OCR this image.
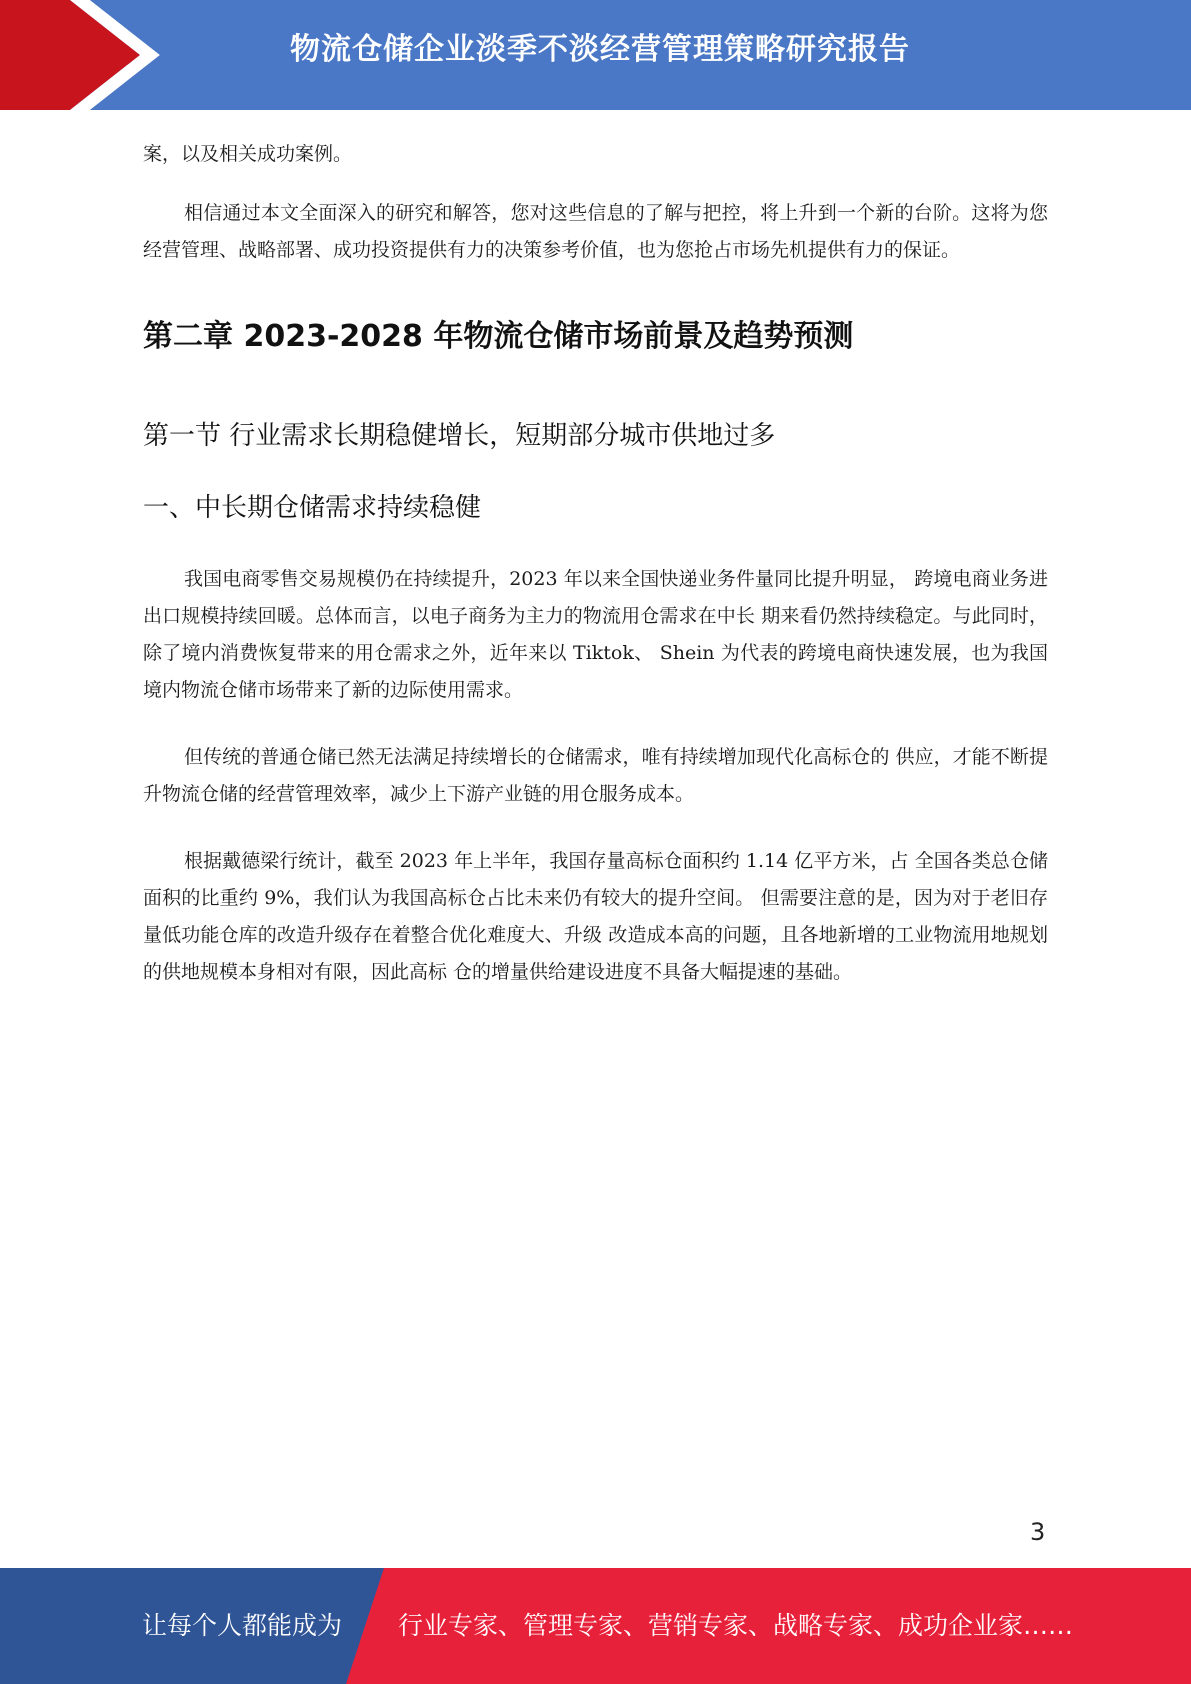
物流仓储企业淡季不淡经营管理策略研究报告

案，以及相关成功案例。

相信通过本文全面深入的研究和解答，您对这些信息的了解与把控，将上升到一个新的台阶。这将为您经营管理、战略部署、成功投资提供有力的决策参考价值，也为您抢占市场先机提供有力的保证。

第二章 2023-2028 年物流仓储市场前景及趋势预测
第一节 行业需求长期稳健增长，短期部分城市供地过多
一、中长期仓储需求持续稳健

我国电商零售交易规模仍在持续提升，2023 年以来全国快递业务件量同比提升明显， 跨境电商业务进出口规模持续回暖。总体而言，以电子商务为主力的物流用仓需求在中长 期来看仍然持续稳定。与此同时，除了境内消费恢复带来的用仓需求之外，近年来以 Tiktok、 Shein 为代表的跨境电商快速发展，也为我国境内物流仓储市场带来了新的边际使用需求。

但传统的普通仓储已然无法满足持续增长的仓储需求，唯有持续增加现代化高标仓的 供应，才能不断提升物流仓储的经营管理效率，减少上下游产业链的用仓服务成本。

根据戴德梁行统计，截至 2023 年上半年，我国存量高标仓面积约 1.14 亿平方米，占 全国各类总仓储面积的比重约 9%，我们认为我国高标仓占比未来仍有较大的提升空间。 但需要注意的是，因为对于老旧存量低功能仓库的改造升级存在着整合优化难度大、升级 改造成本高的问题，且各地新增的工业物流用地规划的供地规模本身相对有限，因此高标 仓的增量供给建设进度不具备大幅提速的基础。

3
让每个人都能成为 行业专家、管理专家、营销专家、战略专家、成功企业家……
